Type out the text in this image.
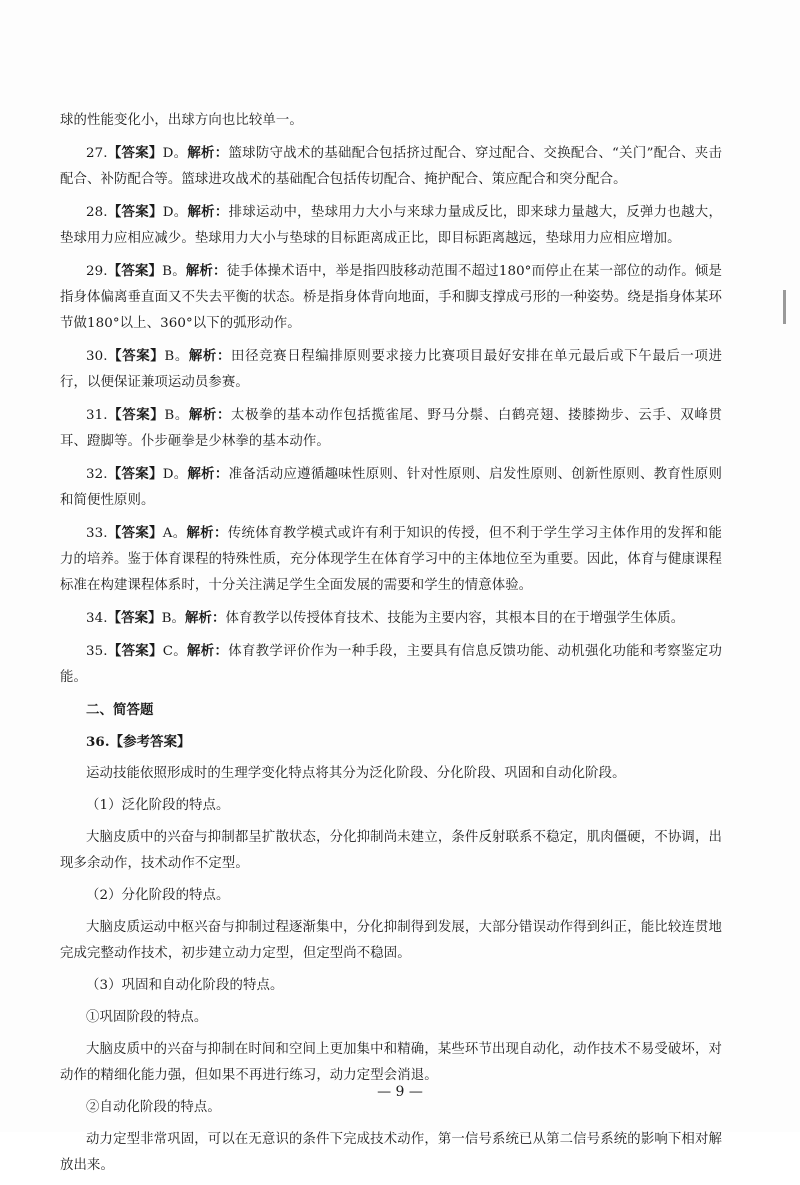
球的性能变化小，出球方向也比较单一。

27.【答案】D。解析：篮球防守战术的基础配合包括挤过配合、穿过配合、交换配合、“关门”配合、夹击配合、补防配合等。篮球进攻战术的基础配合包括传切配合、掩护配合、策应配合和突分配合。

28.【答案】D。解析：排球运动中，垫球用力大小与来球力量成反比，即来球力量越大，反弹力也越大，垫球用力应相应减少。垫球用力大小与垫球的目标距离成正比，即目标距离越远，垫球用力应相应增加。

29.【答案】B。解析：徒手体操术语中，举是指四肢移动范围不超过180°而停止在某一部位的动作。倾是指身体偏离垂直面又不失去平衡的状态。桥是指身体背向地面，手和脚支撑成弓形的一种姿势。绕是指身体某环节做180°以上、360°以下的弧形动作。

30.【答案】B。解析：田径竞赛日程编排原则要求接力比赛项目最好安排在单元最后或下午最后一项进行，以便保证兼项运动员参赛。

31.【答案】B。解析：太极拳的基本动作包括揽雀尾、野马分鬃、白鹤亮翅、搂膝拗步、云手、双峰贯耳、蹬脚等。仆步砸拳是少林拳的基本动作。

32.【答案】D。解析：准备活动应遵循趣味性原则、针对性原则、启发性原则、创新性原则、教育性原则和简便性原则。

33.【答案】A。解析：传统体育教学模式或许有利于知识的传授，但不利于学生学习主体作用的发挥和能力的培养。鉴于体育课程的特殊性质，充分体现学生在体育学习中的主体地位至为重要。因此，体育与健康课程标准在构建课程体系时，十分关注满足学生全面发展的需要和学生的情意体验。

34.【答案】B。解析：体育教学以传授体育技术、技能为主要内容，其根本目的在于增强学生体质。

35.【答案】C。解析：体育教学评价作为一种手段，主要具有信息反馈功能、动机强化功能和考察鉴定功能。

二、简答题

36.【参考答案】

运动技能依照形成时的生理学变化特点将其分为泛化阶段、分化阶段、巩固和自动化阶段。

（1）泛化阶段的特点。

大脑皮质中的兴奋与抑制都呈扩散状态，分化抑制尚未建立，条件反射联系不稳定，肌肉僵硬，不协调，出现多余动作，技术动作不定型。

（2）分化阶段的特点。

大脑皮质运动中枢兴奋与抑制过程逐渐集中，分化抑制得到发展，大部分错误动作得到纠正，能比较连贯地完成完整动作技术，初步建立动力定型，但定型尚不稳固。

（3）巩固和自动化阶段的特点。

①巩固阶段的特点。

大脑皮质中的兴奋与抑制在时间和空间上更加集中和精确，某些环节出现自动化，动作技术不易受破坏，对动作的精细化能力强，但如果不再进行练习，动力定型会消退。

②自动化阶段的特点。

动力定型非常巩固，可以在无意识的条件下完成技术动作，第一信号系统已从第二信号系统的影响下相对解放出来。

— 9 —
